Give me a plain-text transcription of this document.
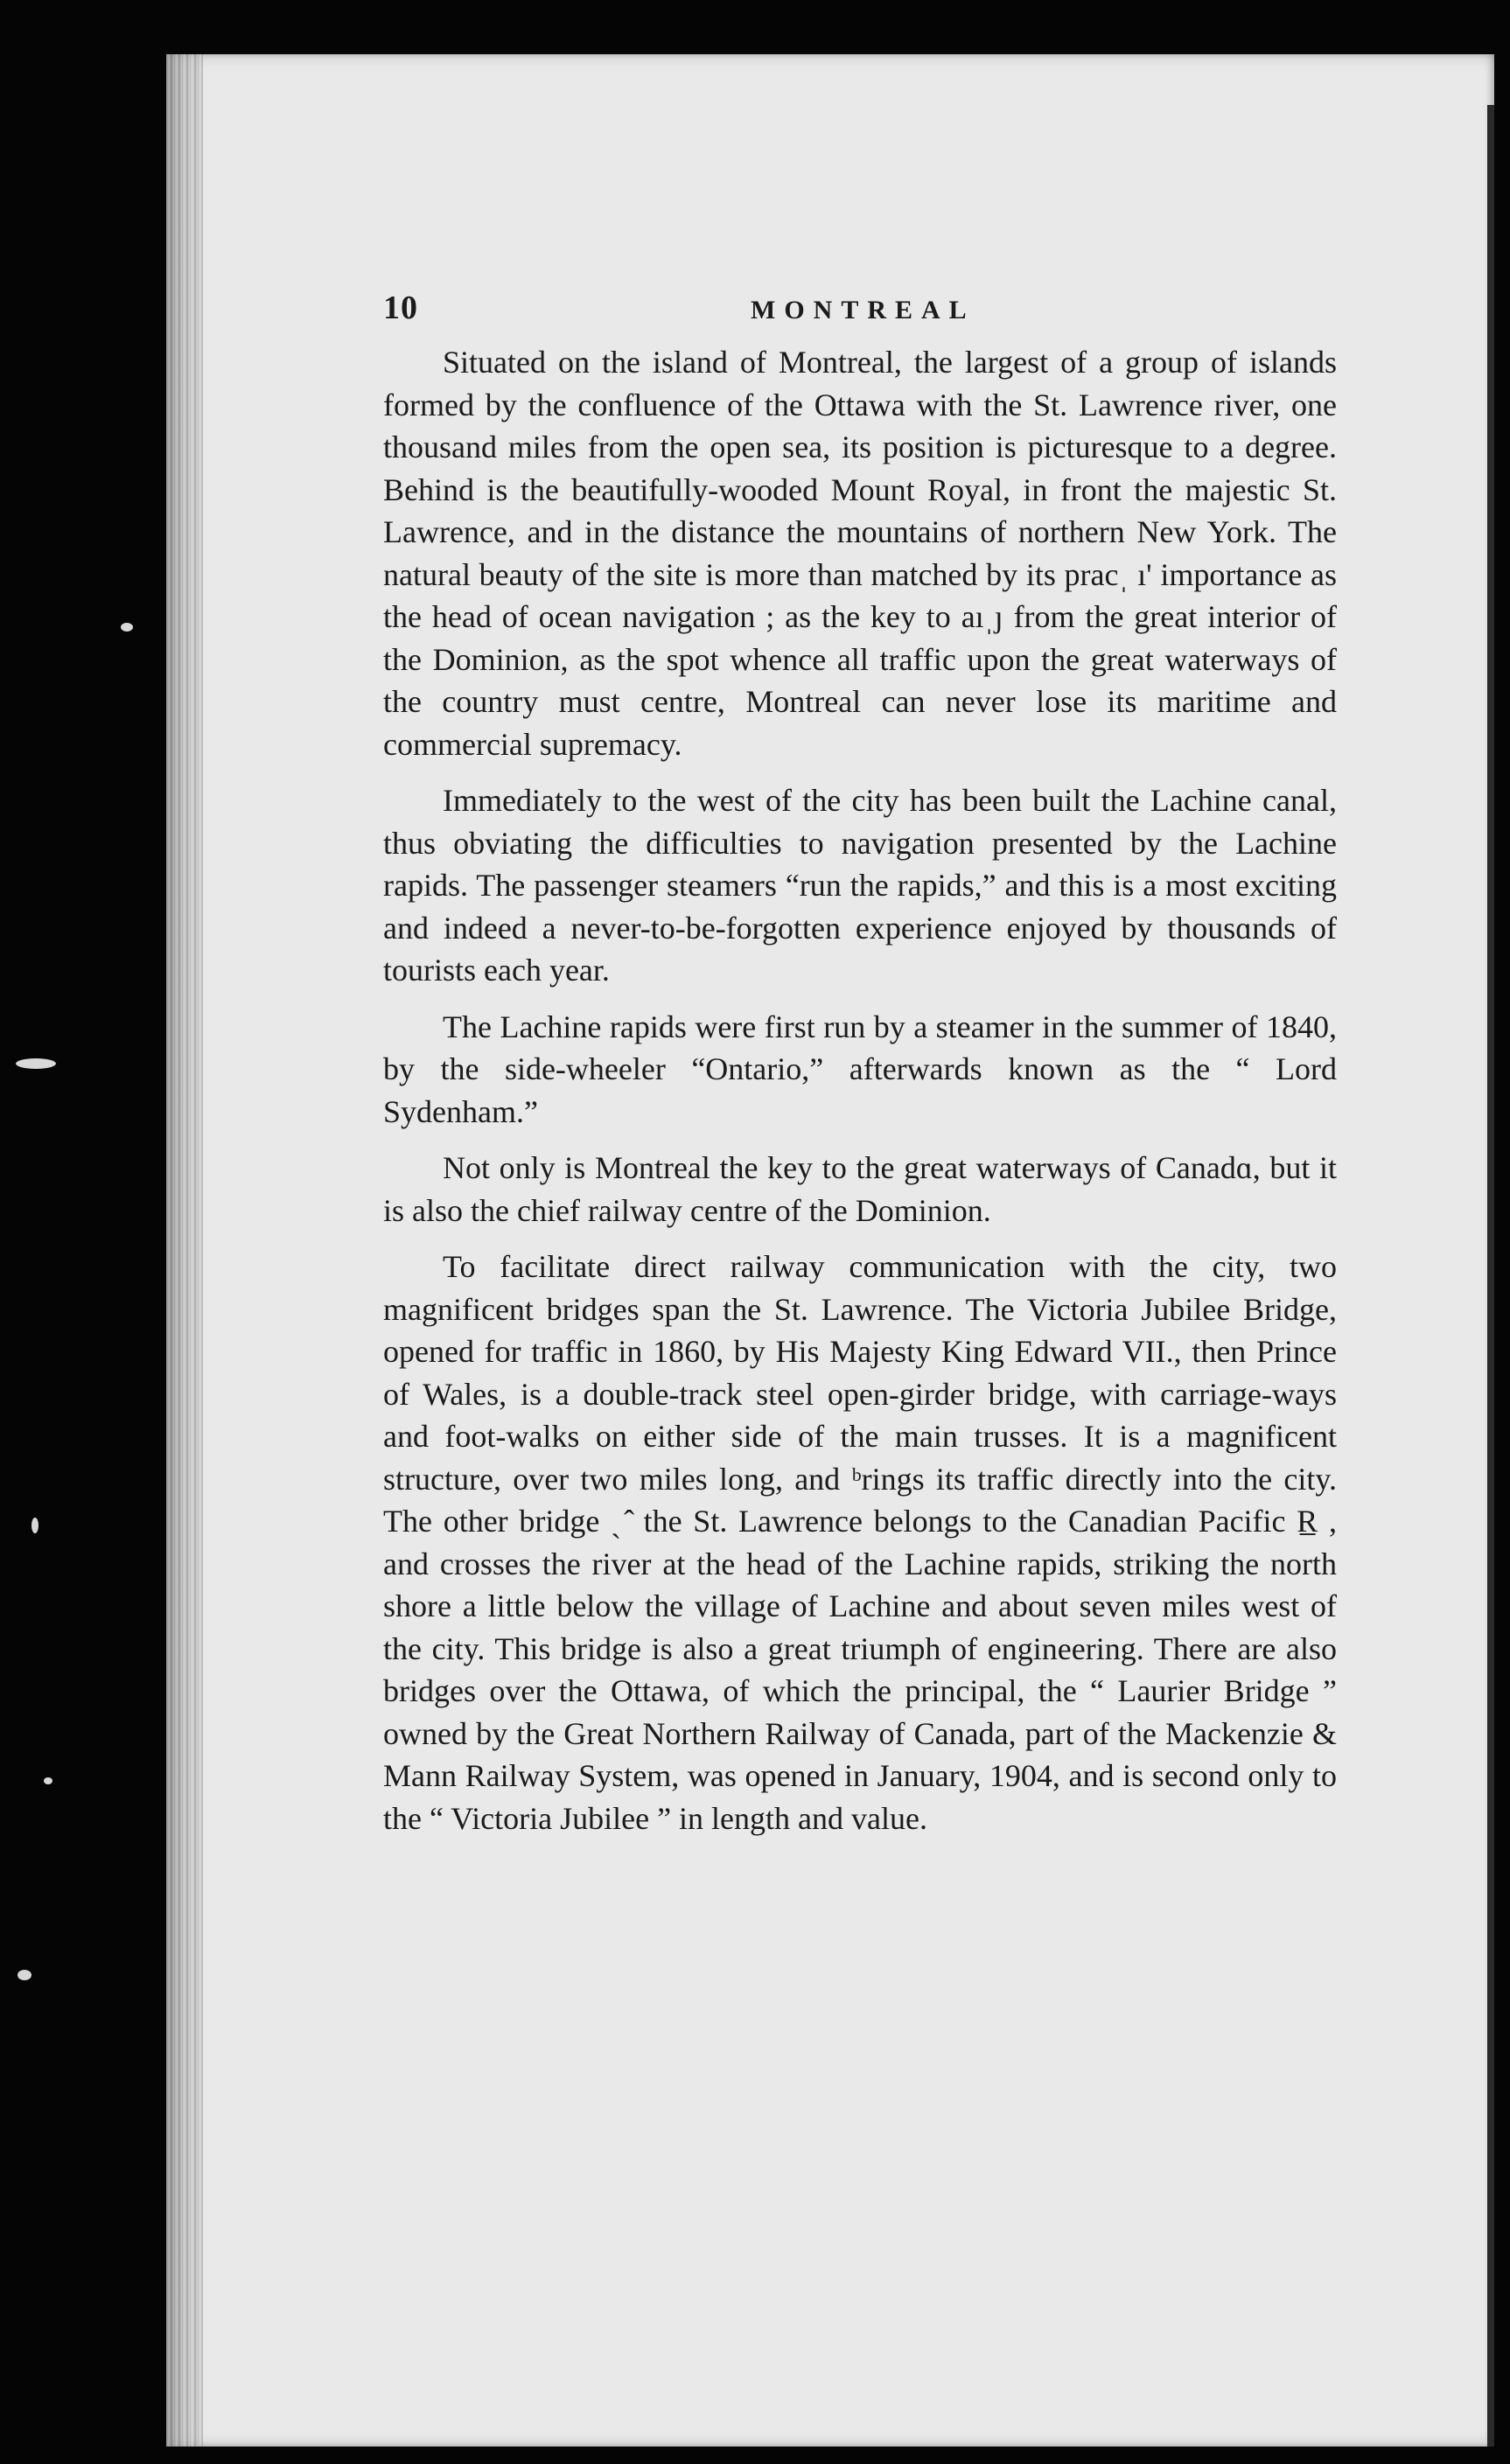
10	MONTREAL

Situated on the island of Montreal, the largest of a group of islands formed by the confluence of the Ottawa with the St. Lawrence river, one thousand miles from the open sea, its position is picturesque to a degree. Behind is the beautifully-wooded Mount Royal, in front the majestic St. Lawrence, and in the distance the mountains of northern New York. The natural beauty of the site is more than matched by its pracˌ ı' importance as the head of ocean navigation ; as the key to aıˌȷ from the great interior of the Dominion, as the spot whence all traffic upon the great waterways of the country must centre, Montreal can never lose its maritime and commercial supremacy.

Immediately to the west of the city has been built the Lachine canal, thus obviating the difficulties to navigation presented by the Lachine rapids. The passenger steamers “run the rapids,” and this is a most exciting and indeed a never-to-be-forgotten experience enjoyed by thousɑnds of tourists each year.

The Lachine rapids were first run by a steamer in the summer of 1840, by the side-wheeler “Ontario,” afterwards known as the “ Lord Sydenham.”

Not only is Montreal the key to the great waterways of Canadɑ, but it is also the chief railway centre of the Dominion.

To facilitate direct railway communication with the city, two magnificent bridges span the St. Lawrence. The Victoria Jubilee Bridge, opened for traffic in 1860, by His Majesty King Edward VII., then Prince of Wales, is a double-track steel open-girder bridge, with carriage-ways and foot-walks on either side of the main trusses. It is a magnificent structure, over two miles long, and ᵇrings its traffic directly into the city. The other bridge ˎ ̂ the St. Lawrence belongs to the Canadian Pacific R̲ , and crosses the river at the head of the Lachine rapids, striking the north shore a little below the village of Lachine and about seven miles west of the city. This bridge is also a great triumph of engineering. There are also bridges over the Ottawa, of which the principal, the “ Laurier Bridge ” owned by the Great Northern Railway of Canada, part of the Mackenzie & Mann Railway System, was opened in January, 1904, and is second only to the “ Victoria Jubilee ” in length and value.
